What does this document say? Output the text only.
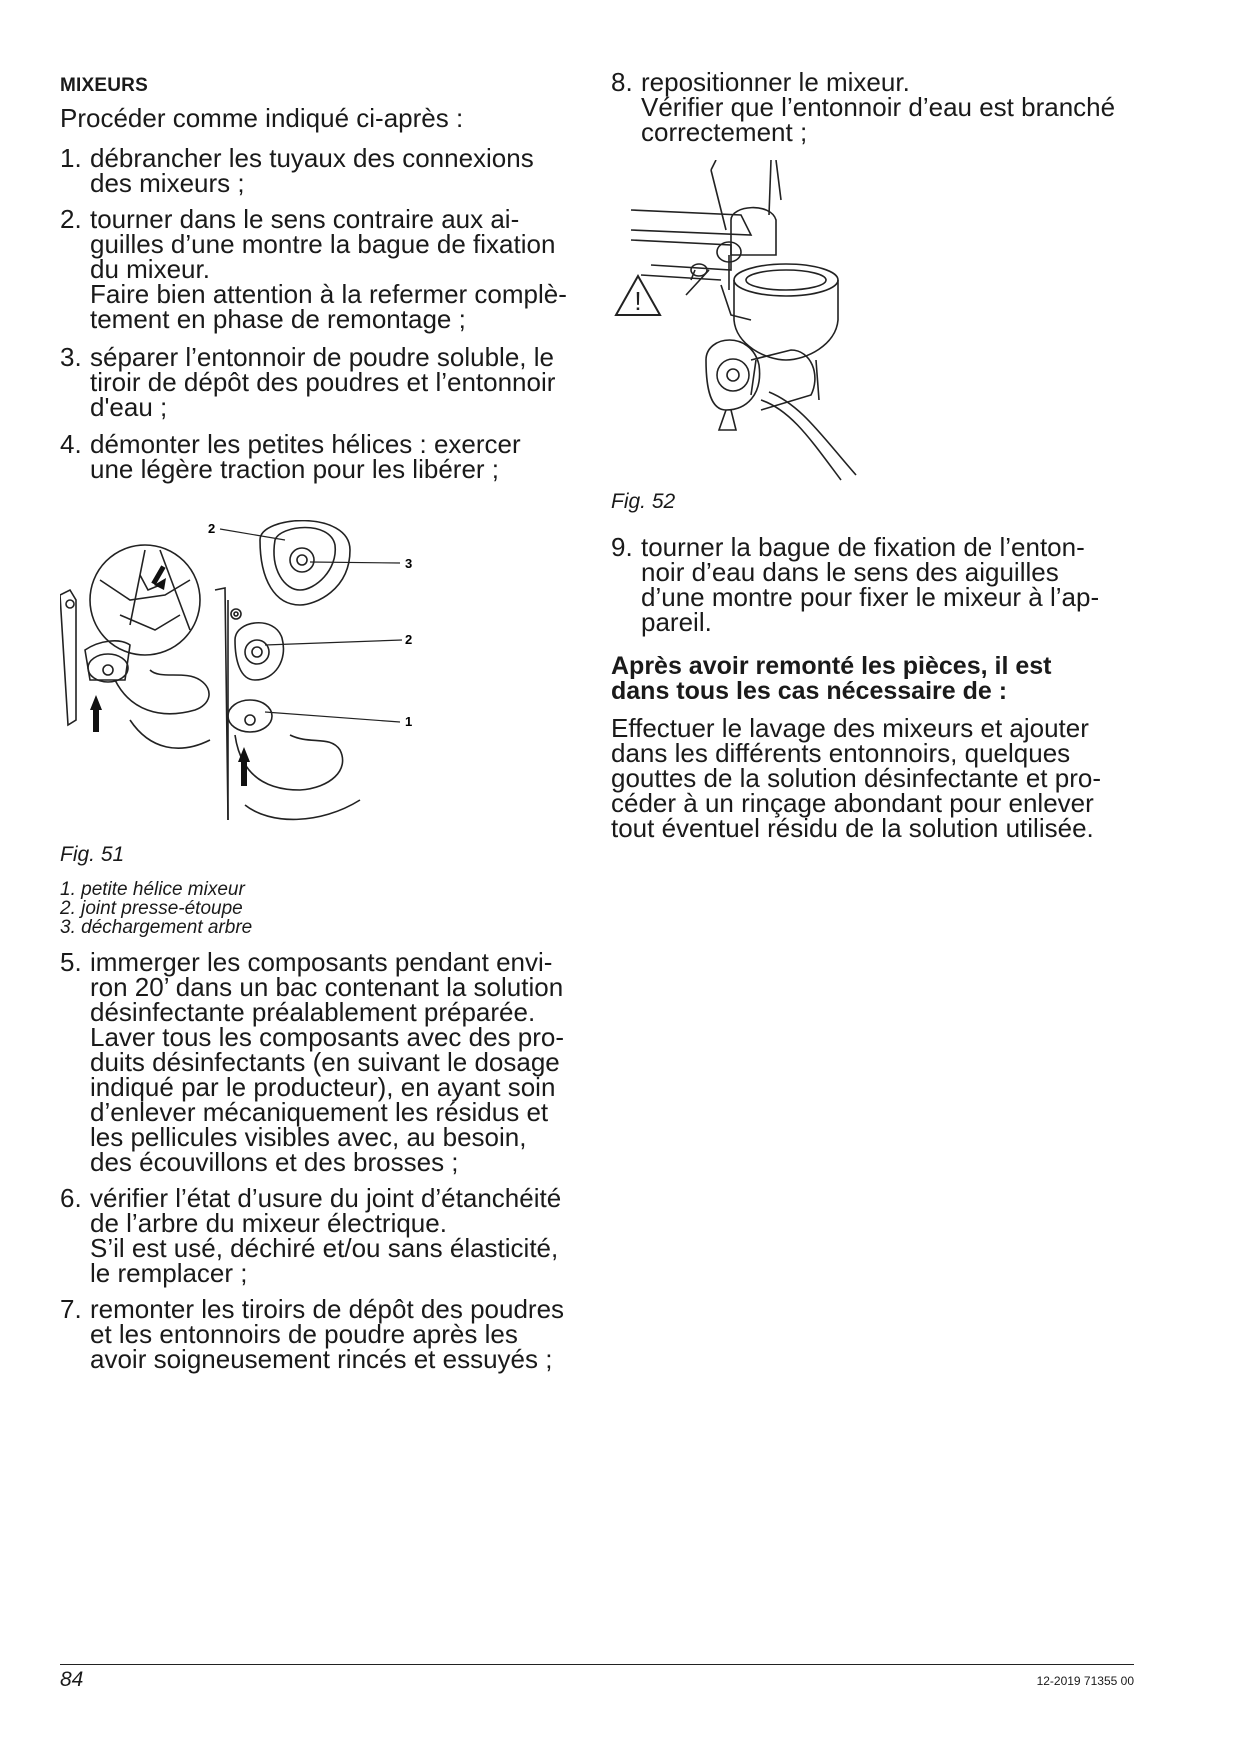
MIXEURS
Procéder comme indiqué ci-après :
1. débrancher les tuyaux des connexions
des mixeurs ;
2. tourner dans le sens contraire aux ai-
guilles d’une montre la bague de fixation
du mixeur.
Faire bien attention à la refermer complè-
tement en phase de remontage ;
3. séparer l’entonnoir de poudre soluble, le
tiroir de dépôt des poudres et l’entonnoir
d'eau ;
4. démonter les petites hélices : exercer
une légère traction pour les libérer ;
2
3
2
1
Fig. 51
1. petite hélice mixeur
2. joint presse-étoupe
3. déchargement arbre
5. immerger les composants pendant envi-
ron 20’ dans un bac contenant la solution
désinfectante préalablement préparée.
Laver tous les composants avec des pro-
duits désinfectants (en suivant le dosage
indiqué par le producteur), en ayant soin
d’enlever mécaniquement les résidus et
les pellicules visibles avec, au besoin,
des écouvillons et des brosses ;
6. vérifier l’état d’usure du joint d’étanchéité
de l’arbre du mixeur électrique.
S’il est usé, déchiré et/ou sans élasticité,
le remplacer ;
7. remonter les tiroirs de dépôt des poudres
et les entonnoirs de poudre après les
avoir soigneusement rincés et essuyés ;
8. repositionner le mixeur.
Vérifier que l’entonnoir d’eau est branché
correctement ;
!
Fig. 52
9. tourner la bague de fixation de l’enton-
noir d’eau dans le sens des aiguilles
d’une montre pour fixer le mixeur à l’ap-
pareil.
Après avoir remonté les pièces, il est
dans tous les cas nécessaire de :
Effectuer le lavage des mixeurs et ajouter
dans les différents entonnoirs, quelques
gouttes de la solution désinfectante et pro-
céder à un rinçage abondant pour enlever
tout éventuel résidu de la solution utilisée.
84	12-2019 71355 00
